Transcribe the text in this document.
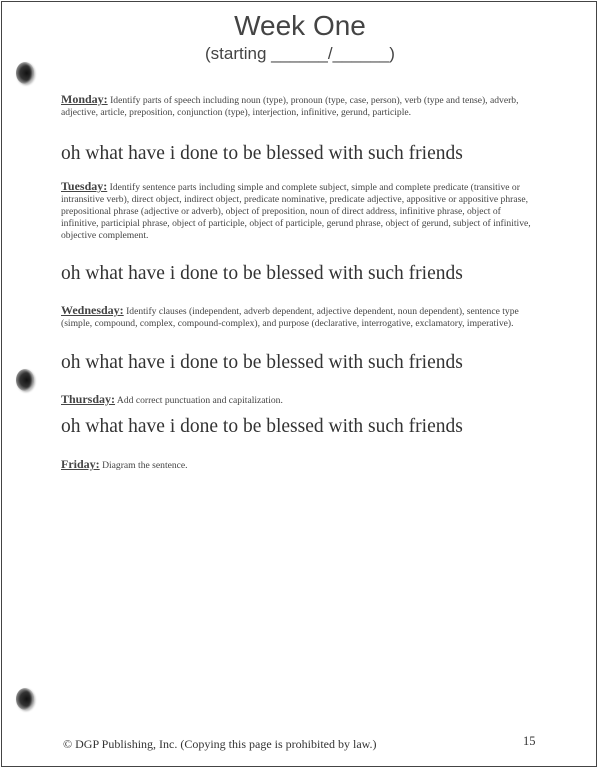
Week One
(starting ______/______)
Monday: Identify parts of speech including noun (type), pronoun (type, case, person), verb (type and tense), adverb, adjective, article, preposition, conjunction (type), interjection, infinitive, gerund, participle.
oh what have i done to be blessed with such friends
Tuesday: Identify sentence parts including simple and complete subject, simple and complete predicate (transitive or intransitive verb), direct object, indirect object, predicate nominative, predicate adjective, appositive or appositive phrase, prepositional phrase (adjective or adverb), object of preposition, noun of direct address, infinitive phrase, object of infinitive, participial phrase, object of participle, object of participle, gerund phrase, object of gerund, subject of infinitive, objective complement.
oh what have i done to be blessed with such friends
Wednesday: Identify clauses (independent, adverb dependent, adjective dependent, noun dependent), sentence type (simple, compound, complex, compound-complex), and purpose (declarative, interrogative, exclamatory, imperative).
oh what have i done to be blessed with such friends
Thursday: Add correct punctuation and capitalization.
oh what have i done to be blessed with such friends
Friday: Diagram the sentence.
© DGP Publishing, Inc. (Copying this page is prohibited by law.)	15
